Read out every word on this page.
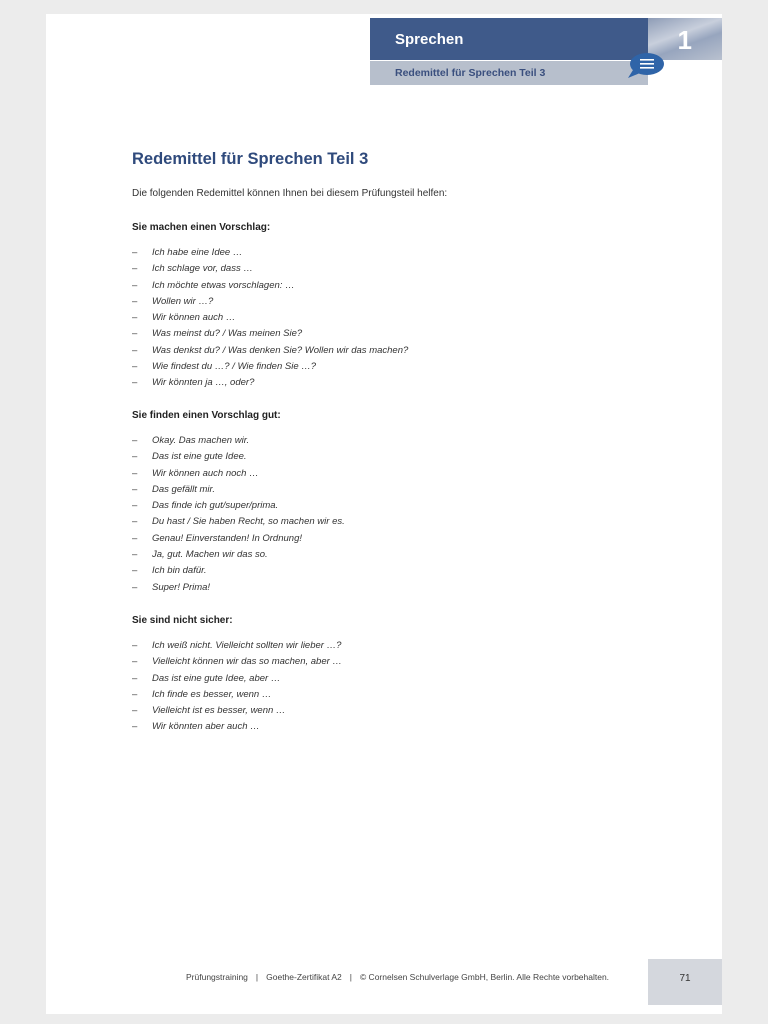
Sprechen
Redemittel für Sprechen Teil 3
1
Redemittel für Sprechen Teil 3

Die folgenden Redemittel können Ihnen bei diesem Prüfungsteil helfen:

Sie machen einen Vorschlag:

– Ich habe eine Idee …
– Ich schlage vor, dass …
– Ich möchte etwas vorschlagen: …
– Wollen wir …?
– Wir können auch …
– Was meinst du? / Was meinen Sie?
– Was denkst du? / Was denken Sie? Wollen wir das machen?
– Wie findest du …? / Wie finden Sie …?
– Wir könnten ja …, oder?

Sie finden einen Vorschlag gut:

– Okay. Das machen wir.
– Das ist eine gute Idee.
– Wir können auch noch …
– Das gefällt mir.
– Das finde ich gut/super/prima.
– Du hast / Sie haben Recht, so machen wir es.
– Genau! Einverstanden! In Ordnung!
– Ja, gut. Machen wir das so.
– Ich bin dafür.
– Super! Prima!

Sie sind nicht sicher:

– Ich weiß nicht. Vielleicht sollten wir lieber …?
– Vielleicht können wir das so machen, aber …
– Das ist eine gute Idee, aber …
– Ich finde es besser, wenn …
– Vielleicht ist es besser, wenn …
– Wir könnten aber auch …
Prüfungstraining | Goethe-Zertifikat A2 | © Cornelsen Schulverlage GmbH, Berlin. Alle Rechte vorbehalten.	71
